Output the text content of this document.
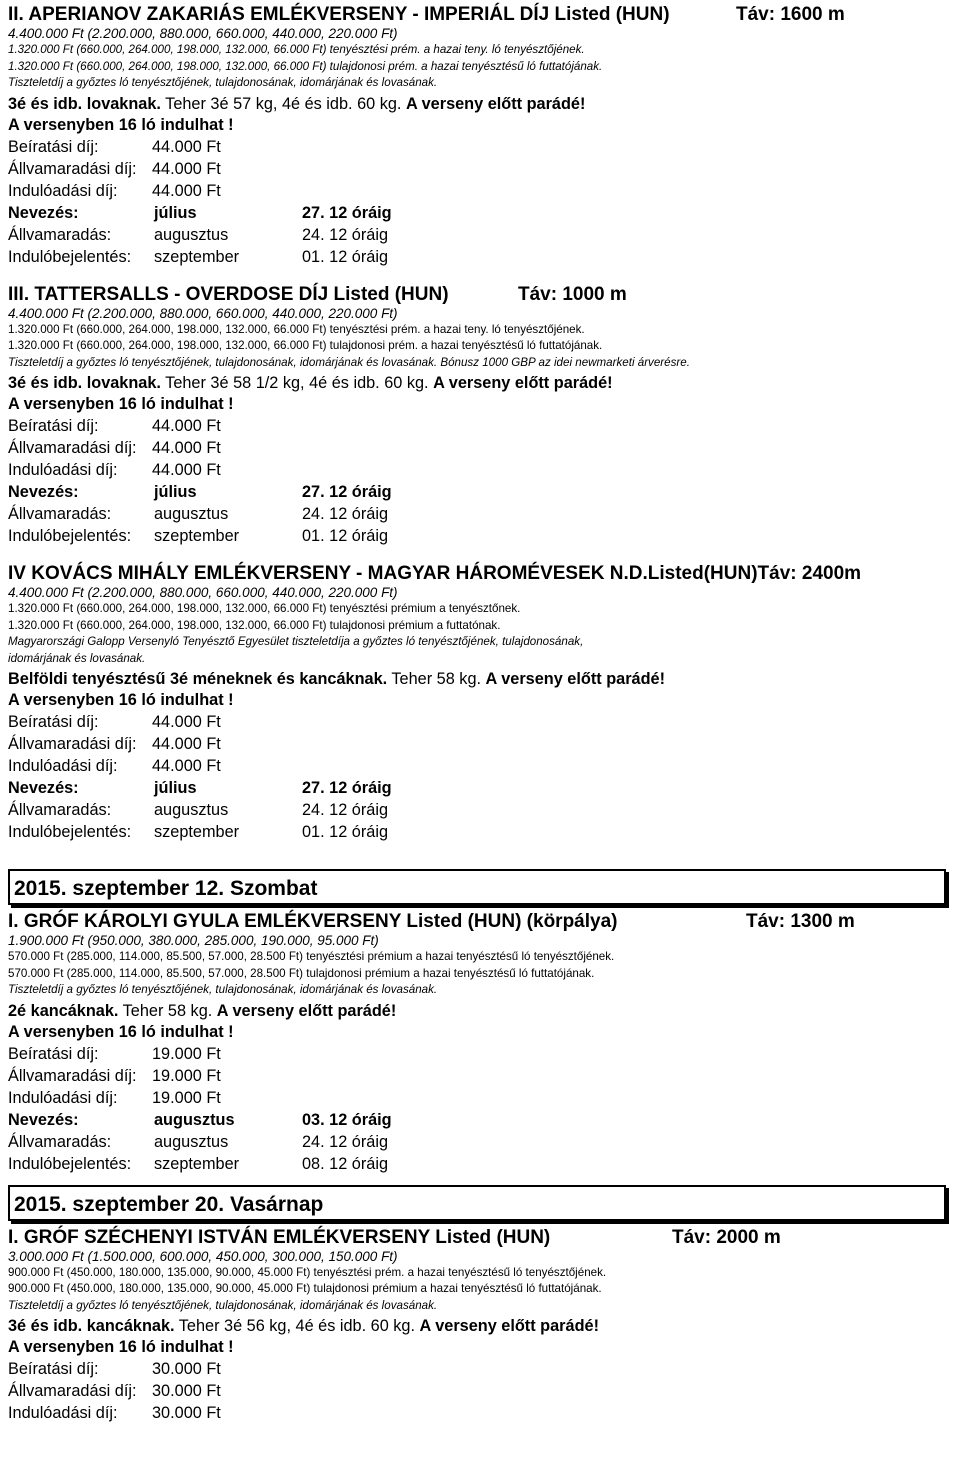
II. APERIANOV ZAKARIÁS EMLÉKVERSENY - IMPERIÁL DÍJ Listed (HUN)	Táv: 1600 m
4.400.000 Ft (2.200.000, 880.000, 660.000, 440.000, 220.000 Ft)
1.320.000 Ft (660.000, 264.000, 198.000, 132.000, 66.000 Ft) tenyésztési prém. a hazai teny. ló tenyésztőjének.
1.320.000 Ft (660.000, 264.000, 198.000, 132.000, 66.000 Ft) tulajdonosi prém. a hazai tenyésztésű ló futtatójának.
Tiszteletdíj a győztes ló tenyésztőjének, tulajdonosának, idomárjának és lovasának.
3é és idb. lovaknak. Teher 3é 57 kg, 4é és idb. 60 kg. A verseny előtt parádé!
A versenyben 16 ló indulhat !
Beíratási díj:	44.000 Ft
Állvamaradási díj: 44.000 Ft
Indulóadási díj: 44.000 Ft
Nevezés:	július	27. 12 óráig
Állvamaradás:	augusztus	24. 12 óráig
Indulóbejelentés: szeptember	01. 12 óráig
III. TATTERSALLS - OVERDOSE DÍJ Listed (HUN)	Táv: 1000 m
4.400.000 Ft (2.200.000, 880.000, 660.000, 440.000, 220.000 Ft)
1.320.000 Ft (660.000, 264.000, 198.000, 132.000, 66.000 Ft) tenyésztési prém. a hazai teny. ló tenyésztőjének.
1.320.000 Ft (660.000, 264.000, 198.000, 132.000, 66.000 Ft) tulajdonosi prém. a hazai tenyésztésű ló futtatójának.
Tiszteletdíj a győztes ló tenyésztőjének, tulajdonosának, idomárjának és lovasának. Bónusz 1000 GBP az idei newmarketi árverésre.
3é és idb. lovaknak. Teher 3é 58 1/2 kg, 4é és idb. 60 kg. A verseny előtt parádé!
A versenyben 16 ló indulhat !
Beíratási díj:	44.000 Ft
Állvamaradási díj: 44.000 Ft
Indulóadási díj: 44.000 Ft
Nevezés:	július	27. 12 óráig
Állvamaradás:	augusztus	24. 12 óráig
Indulóbejelentés: szeptember	01. 12 óráig
IV KOVÁCS MIHÁLY EMLÉKVERSENY - MAGYAR HÁROMÉVESEK N.D.Listed(HUN)Táv: 2400m
4.400.000 Ft (2.200.000, 880.000, 660.000, 440.000, 220.000 Ft)
1.320.000 Ft (660.000, 264.000, 198.000, 132.000, 66.000 Ft) tenyésztési prémium a tenyésztőnek.
1.320.000 Ft (660.000, 264.000, 198.000, 132.000, 66.000 Ft) tulajdonosi prémium a futtatónak.
Magyarországi Galopp Versenyló Tenyésztő Egyesület tiszteletdíja a győztes ló tenyésztőjének, tulajdonosának,
idomárjának és lovasának.
Belföldi tenyésztésű 3é méneknek és kancáknak. Teher 58 kg. A verseny előtt parádé!
A versenyben 16 ló indulhat !
Beíratási díj:	44.000 Ft
Állvamaradási díj: 44.000 Ft
Indulóadási díj: 44.000 Ft
Nevezés:	július	27. 12 óráig
Állvamaradás:	augusztus	24. 12 óráig
Indulóbejelentés: szeptember	01. 12 óráig
2015. szeptember 12. Szombat
I. GRÓF KÁROLYI GYULA EMLÉKVERSENY Listed (HUN) (körpálya)	Táv: 1300 m
1.900.000 Ft (950.000, 380.000, 285.000, 190.000, 95.000 Ft)
570.000 Ft (285.000, 114.000, 85.500, 57.000, 28.500 Ft) tenyésztési prémium a hazai tenyésztésű ló tenyésztőjének.
570.000 Ft (285.000, 114.000, 85.500, 57.000, 28.500 Ft) tulajdonosi prémium a hazai tenyésztésű ló futtatójának.
Tiszteletdíj a győztes ló tenyésztőjének, tulajdonosának, idomárjának és lovasának.
2é kancáknak. Teher 58 kg. A verseny előtt parádé!
A versenyben 16 ló indulhat !
Beíratási díj:	19.000 Ft
Állvamaradási díj: 19.000 Ft
Indulóadási díj: 19.000 Ft
Nevezés:	augusztus	03. 12 óráig
Állvamaradás:	augusztus	24. 12 óráig
Indulóbejelentés: szeptember	08. 12 óráig
2015. szeptember 20. Vasárnap
I. GRÓF SZÉCHENYI ISTVÁN EMLÉKVERSENY Listed (HUN)	Táv: 2000 m
3.000.000 Ft (1.500.000, 600.000, 450.000, 300.000, 150.000 Ft)
900.000 Ft (450.000, 180.000, 135.000, 90.000, 45.000 Ft) tenyésztési prém. a hazai tenyésztésű ló tenyésztőjének.
900.000 Ft (450.000, 180.000, 135.000, 90.000, 45.000 Ft) tulajdonosi prémium a hazai tenyésztésű ló futtatójának.
Tiszteletdíj a győztes ló tenyésztőjének, tulajdonosának, idomárjának és lovasának.
3é és idb. kancáknak. Teher 3é 56 kg, 4é és idb. 60 kg. A verseny előtt parádé!
A versenyben 16 ló indulhat !
Beíratási díj:	30.000 Ft
Állvamaradási díj: 30.000 Ft
Indulóadási díj: 30.000 Ft
